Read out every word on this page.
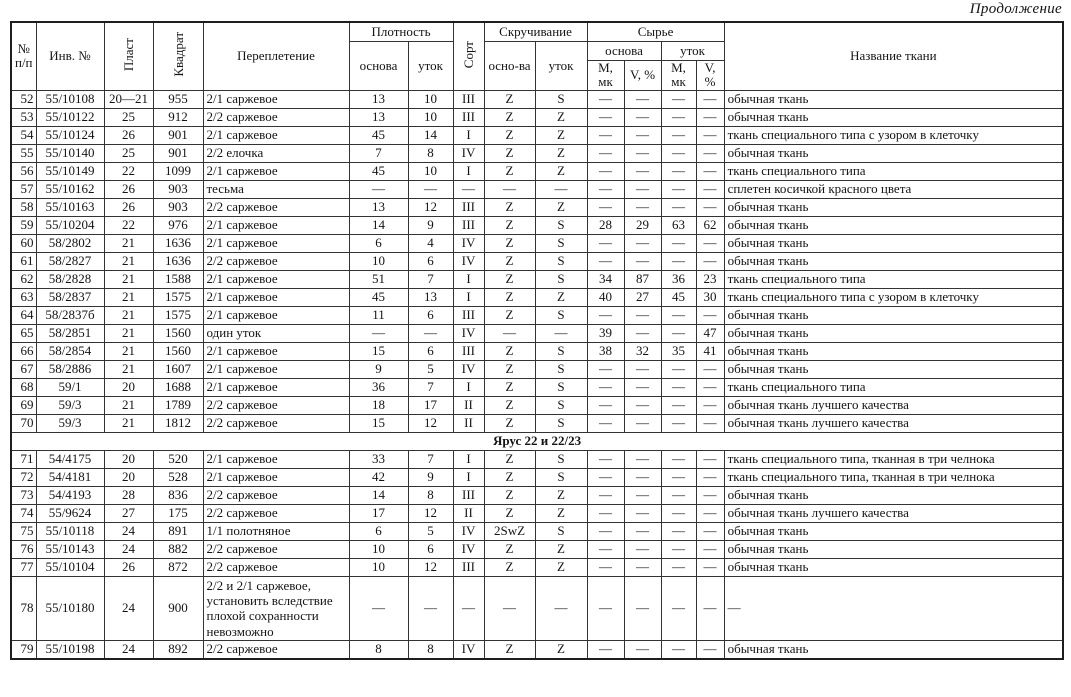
Продолжение
№
п/п	Инв. №	Пласт	Квадрат	Переплетение	Плотность		Сорт	Скручивание		Сырье				Название ткани
					основа	уток		осно-ва	уток	основа		уток		
										М, мк	V, %	М, мк	V, %	
52	55/10108	20—21	955	2/1 саржевое	13	10	III	Z	S	—	—	—	—	обычная ткань
53	55/10122	25	912	2/2 саржевое	13	10	III	Z	Z	—	—	—	—	обычная ткань
54	55/10124	26	901	2/1 саржевое	45	14	I	Z	Z	—	—	—	—	ткань специального типа с узором в клеточку
55	55/10140	25	901	2/2 елочка	7	8	IV	Z	Z	—	—	—	—	обычная ткань
56	55/10149	22	1099	2/1 саржевое	45	10	I	Z	Z	—	—	—	—	ткань специального типа
57	55/10162	26	903	тесьма	—	—	—	—	—	—	—	—	—	сплетен косичкой красного цвета
58	55/10163	26	903	2/2 саржевое	13	12	III	Z	Z	—	—	—	—	обычная ткань
59	55/10204	22	976	2/1 саржевое	14	9	III	Z	S	28	29	63	62	обычная ткань
60	58/2802	21	1636	2/1 саржевое	6	4	IV	Z	S	—	—	—	—	обычная ткань
61	58/2827	21	1636	2/2 саржевое	10	6	IV	Z	S	—	—	—	—	обычная ткань
62	58/2828	21	1588	2/1 саржевое	51	7	I	Z	S	34	87	36	23	ткань специального типа
63	58/2837	21	1575	2/1 саржевое	45	13	I	Z	Z	40	27	45	30	ткань специального типа с узором в клеточку
64	58/2837б	21	1575	2/1 саржевое	11	6	III	Z	S	—	—	—	—	обычная ткань
65	58/2851	21	1560	один уток	—	—	IV	—	—	39	—	—	47	обычная ткань
66	58/2854	21	1560	2/1 саржевое	15	6	III	Z	S	38	32	35	41	обычная ткань
67	58/2886	21	1607	2/1 саржевое	9	5	IV	Z	S	—	—	—	—	обычная ткань
68	59/1	20	1688	2/1 саржевое	36	7	I	Z	S	—	—	—	—	ткань специального типа
69	59/3	21	1789	2/2 саржевое	18	17	II	Z	S	—	—	—	—	обычная ткань лучшего качества
70	59/3	21	1812	2/2 саржевое	15	12	II	Z	S	—	—	—	—	обычная ткань лучшего качества
Ярус 22 и 22/23														
71	54/4175	20	520	2/1 саржевое	33	7	I	Z	S	—	—	—	—	ткань специального типа, тканная в три челнока
72	54/4181	20	528	2/1 саржевое	42	9	I	Z	S	—	—	—	—	ткань специального типа, тканная в три челнока
73	54/4193	28	836	2/2 саржевое	14	8	III	Z	Z	—	—	—	—	обычная ткань
74	55/9624	27	175	2/2 саржевое	17	12	II	Z	Z	—	—	—	—	обычная ткань лучшего качества
75	55/10118	24	891	1/1 полотняное	6	5	IV	2SwZ	S	—	—	—	—	обычная ткань
76	55/10143	24	882	2/2 саржевое	10	6	IV	Z	Z	—	—	—	—	обычная ткань
77	55/10104	26	872	2/2 саржевое	10	12	III	Z	Z	—	—	—	—	обычная ткань
78	55/10180	24	900	2/2 и 2/1 саржевое, установить вследствие плохой сохранности невозможно	—	—	—	—	—	—	—	—	—	—
79	55/10198	24	892	2/2 саржевое	8	8	IV	Z	Z	—	—	—	—	обычная ткань
